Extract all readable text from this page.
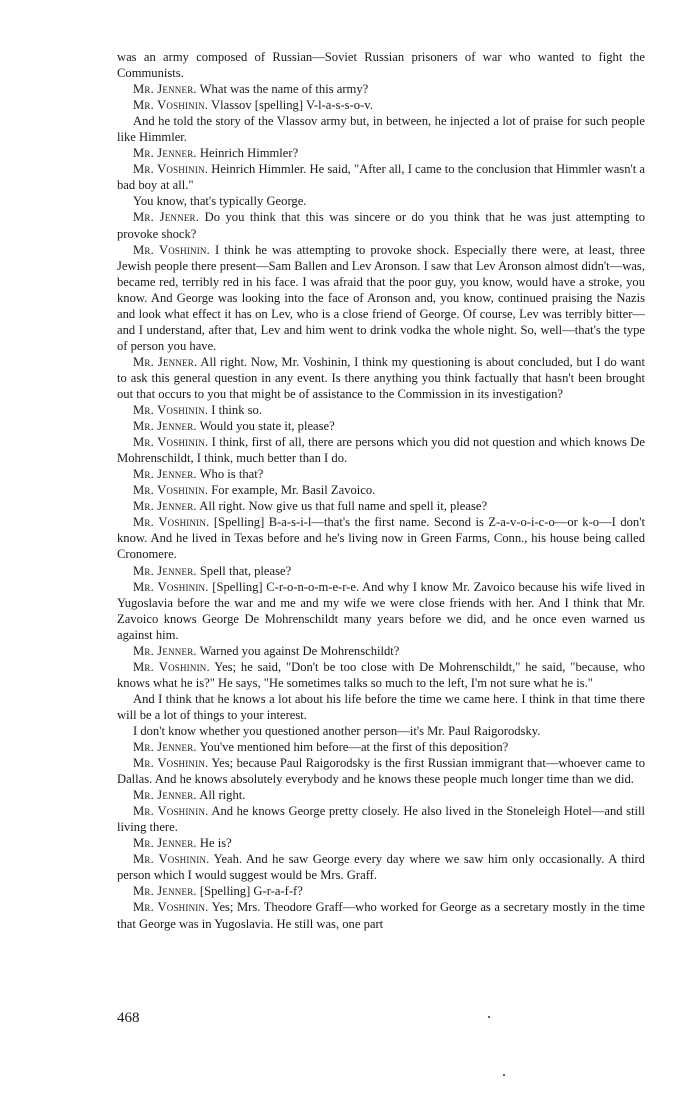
was an army composed of Russian—Soviet Russian prisoners of war who wanted to fight the Communists.

Mr. Jenner. What was the name of this army?

Mr. Voshinin. Vlassov [spelling] V-l-a-s-s-o-v.

And he told the story of the Vlassov army but, in between, he injected a lot of praise for such people like Himmler.

Mr. Jenner. Heinrich Himmler?

Mr. Voshinin. Heinrich Himmler. He said, "After all, I came to the conclusion that Himmler wasn't a bad boy at all."

You know, that's typically George.

Mr. Jenner. Do you think that this was sincere or do you think that he was just attempting to provoke shock?

Mr. Voshinin. I think he was attempting to provoke shock. Especially there were, at least, three Jewish people there present—Sam Ballen and Lev Aronson. I saw that Lev Aronson almost didn't—was, became red, terribly red in his face. I was afraid that the poor guy, you know, would have a stroke, you know. And George was looking into the face of Aronson and, you know, continued praising the Nazis and look what effect it has on Lev, who is a close friend of George. Of course, Lev was terribly bitter—and I understand, after that, Lev and him went to drink vodka the whole night. So, well—that's the type of person you have.

Mr. Jenner. All right. Now, Mr. Voshinin, I think my questioning is about concluded, but I do want to ask this general question in any event. Is there anything you think factually that hasn't been brought out that occurs to you that might be of assistance to the Commission in its investigation?

Mr. Voshinin. I think so.

Mr. Jenner. Would you state it, please?

Mr. Voshinin. I think, first of all, there are persons which you did not question and which knows De Mohrenschildt, I think, much better than I do.

Mr. Jenner. Who is that?

Mr. Voshinin. For example, Mr. Basil Zavoico.

Mr. Jenner. All right. Now give us that full name and spell it, please?

Mr. Voshinin. [Spelling] B-a-s-i-l—that's the first name. Second is Z-a-v-o-i-c-o—or k-o—I don't know. And he lived in Texas before and he's living now in Green Farms, Conn., his house being called Cronomere.

Mr. Jenner. Spell that, please?

Mr. Voshinin. [Spelling] C-r-o-n-o-m-e-r-e. And why I know Mr. Zavoico because his wife lived in Yugoslavia before the war and me and my wife we were close friends with her. And I think that Mr. Zavoico knows George De Mohrenschildt many years before we did, and he once even warned us against him.

Mr. Jenner. Warned you against De Mohrenschildt?

Mr. Voshinin. Yes; he said, "Don't be too close with De Mohrenschildt," he said, "because, who knows what he is?" He says, "He sometimes talks so much to the left, I'm not sure what he is."

And I think that he knows a lot about his life before the time we came here. I think in that time there will be a lot of things to your interest.

I don't know whether you questioned another person—it's Mr. Paul Raigorodsky.

Mr. Jenner. You've mentioned him before—at the first of this deposition?

Mr. Voshinin. Yes; because Paul Raigorodsky is the first Russian immigrant that—whoever came to Dallas. And he knows absolutely everybody and he knows these people much longer time than we did.

Mr. Jenner. All right.

Mr. Voshinin. And he knows George pretty closely. He also lived in the Stoneleigh Hotel—and still living there.

Mr. Jenner. He is?

Mr. Voshinin. Yeah. And he saw George every day where we saw him only occasionally. A third person which I would suggest would be Mrs. Graff.

Mr. Jenner. [Spelling] G-r-a-f-f?

Mr. Voshinin. Yes; Mrs. Theodore Graff—who worked for George as a secretary mostly in the time that George was in Yugoslavia. He still was, one part

468
